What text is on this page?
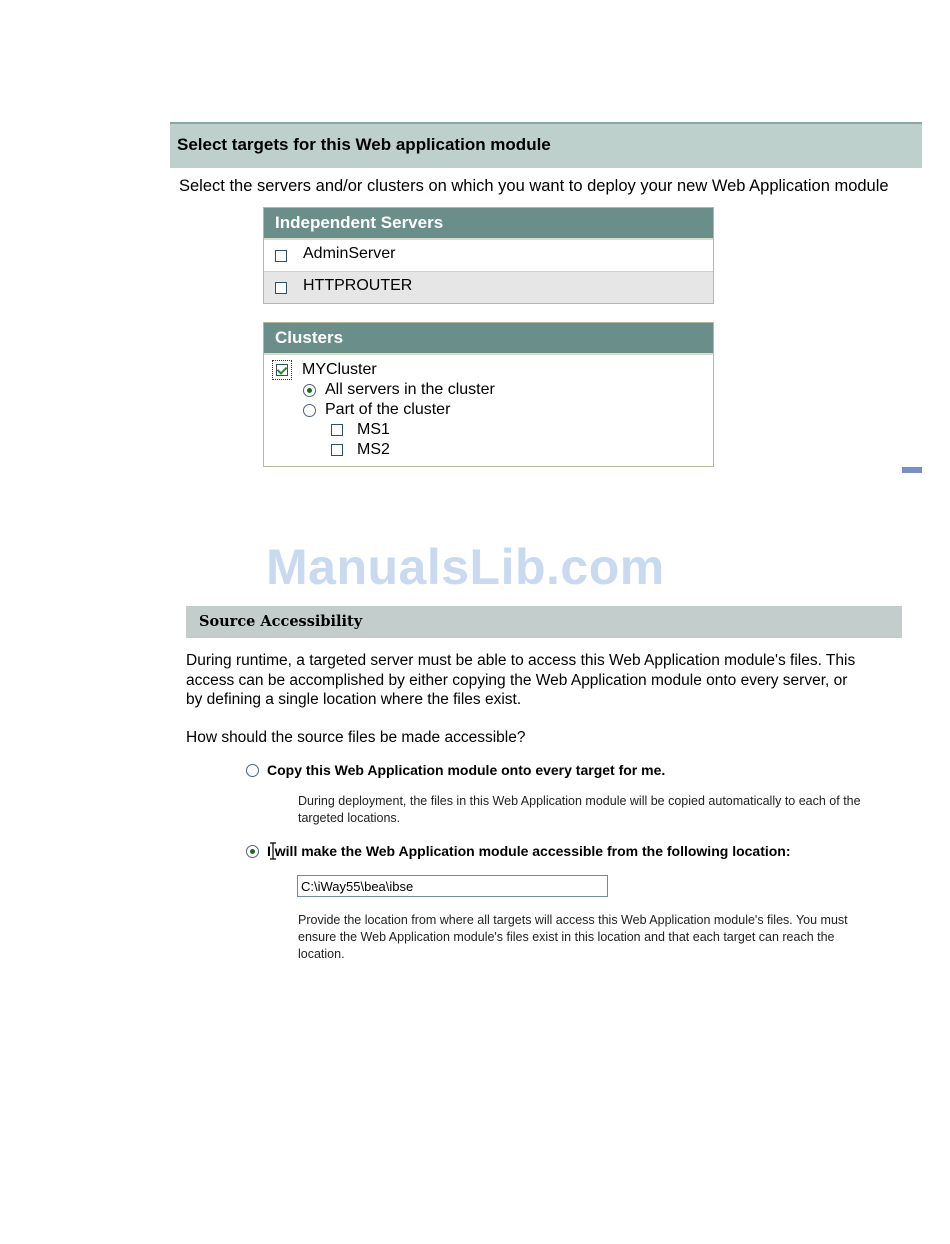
Select targets for this Web application module
Select the servers and/or clusters on which you want to deploy your new Web Application module
Independent Servers
AdminServer
HTTPROUTER
Clusters
MYCluster
All servers in the cluster
Part of the cluster
MS1
MS2
ManualsLib.com
Source Accessibility
During runtime, a targeted server must be able to access this Web Application module's files. This
access can be accomplished by either copying the Web Application module onto every server, or
by defining a single location where the files exist.
How should the source files be made accessible?
Copy this Web Application module onto every target for me.
During deployment, the files in this Web Application module will be copied automatically to each of the
targeted locations.
I will make the Web Application module accessible from the following location:
C:\iWay55\bea\ibse
Provide the location from where all targets will access this Web Application module's files. You must
ensure the Web Application module's files exist in this location and that each target can reach the
location.
